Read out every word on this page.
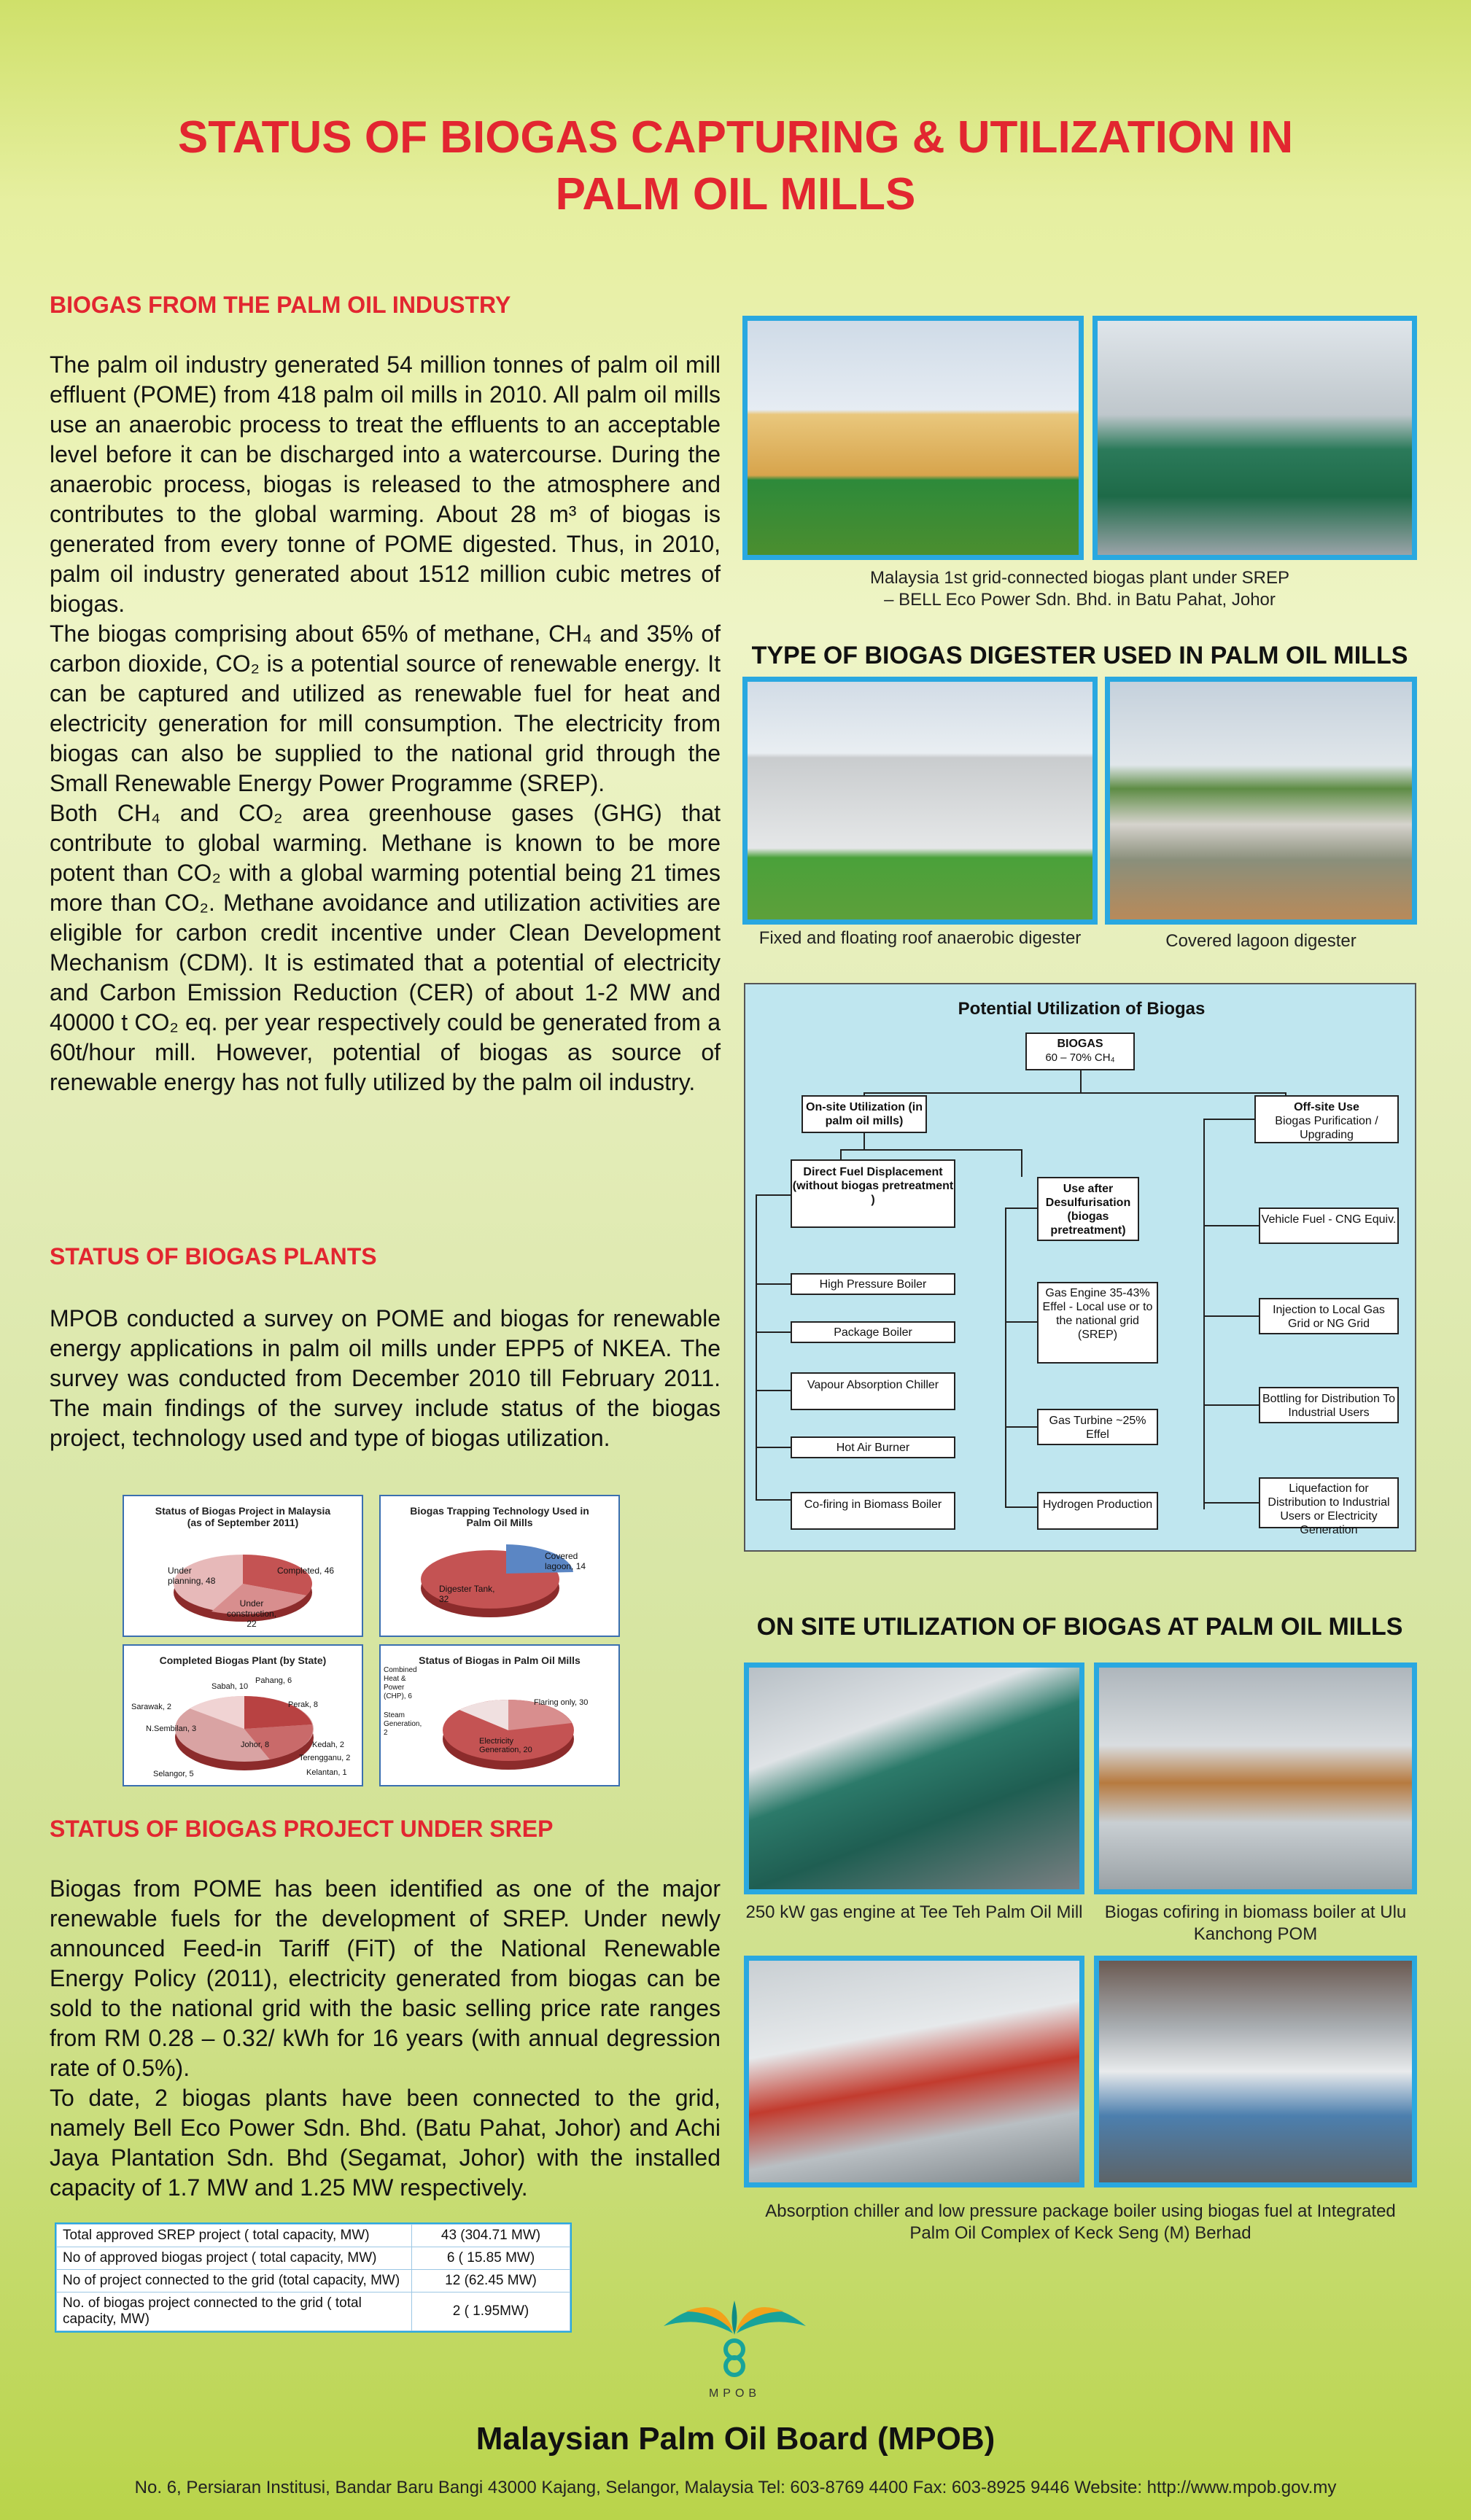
STATUS OF BIOGAS CAPTURING & UTILIZATION IN
PALM OIL MILLS
BIOGAS FROM THE PALM OIL INDUSTRY

The palm oil industry generated 54 million tonnes of palm oil mill effluent (POME) from 418 palm oil mills in 2010. All palm oil mills use an anaerobic process to treat the effluents to an acceptable level before it can be discharged into a watercourse. During the anaerobic process, biogas is released to the atmosphere and contributes to the global warming. About 28 m³ of biogas is generated from every tonne of POME digested. Thus, in 2010, palm oil industry generated about 1512 million cubic metres of biogas.

The biogas comprising about 65% of methane, CH₄ and 35% of carbon dioxide, CO₂ is a potential source of renewable energy. It can be captured and utilized as renewable fuel for heat and electricity generation for mill consumption. The electricity from biogas can also be supplied to the national grid through the Small Renewable Energy Power Programme (SREP).

Both CH₄ and CO₂ area greenhouse gases (GHG) that contribute to global warming. Methane is known to be more potent than CO₂ with a global warming potential being 21 times more than CO₂. Methane avoidance and utilization activities are eligible for carbon credit incentive under Clean Development Mechanism (CDM). It is estimated that a potential of electricity and Carbon Emission Reduction (CER) of about 1-2 MW and 40000 t CO₂ eq. per year respectively could be generated from a 60t/hour mill. However, potential of biogas as source of renewable energy has not fully utilized by the palm oil industry.

STATUS OF BIOGAS PLANTS

MPOB conducted a survey on POME and biogas for renewable energy applications in palm oil mills under EPP5 of NKEA. The survey was conducted from December 2010 till February 2011. The main findings of the survey include status of the biogas project, technology used and type of biogas utilization.

Status of Biogas Project in Malaysia
(as of September 2011)
Under planning, 48
Completed, 46
Under construction, 22
Biogas Trapping Technology Used in
Palm Oil Mills
Covered lagoon, 14
Digester Tank, 32
Completed Biogas Plant (by State)
Sabah, 10
Pahang, 6
Perak, 8
Sarawak, 2
N.Sembilan, 3
Johor, 8	Kedah, 2
Terengganu, 2
Kelantan, 1
Selangor, 5
Status of Biogas in Palm Oil Mills
Combined Heat & Power (CHP), 6
Steam Generation, 2
Flaring only, 30
Electricity Generation, 20
STATUS OF BIOGAS PROJECT UNDER SREP

Biogas from POME has been identified as one of the major renewable fuels for the development of SREP. Under newly announced Feed-in Tariff (FiT) of the National Renewable Energy Policy (2011), electricity generated from biogas can be sold to the national grid with the basic selling price rate ranges from RM 0.28 – 0.32/ kWh for 16 years (with annual degression rate of 0.5%).

To date, 2 biogas plants have been connected to the grid, namely Bell Eco Power Sdn. Bhd. (Batu Pahat, Johor) and Achi Jaya Plantation Sdn. Bhd (Segamat, Johor) with the installed capacity of 1.7 MW and 1.25 MW respectively.

Total approved SREP project ( total capacity, MW)	43 (304.71 MW)
No of approved biogas project ( total capacity, MW)	6 ( 15.85 MW)
No of project connected to the grid (total capacity, MW)	12 (62.45 MW)
No. of biogas project connected to the grid ( total capacity, MW)	2 ( 1.95MW)
Malaysia 1st grid-connected biogas plant under SREP
– BELL Eco Power Sdn. Bhd. in Batu Pahat, Johor
TYPE OF BIOGAS DIGESTER USED IN PALM OIL MILLS
Fixed and floating roof anaerobic digester	Covered lagoon digester
Potential Utilization of Biogas
BIOGAS
60 – 70% CH₄
On-site Utilization (in palm oil mills)
Off-site Use
Biogas Purification / Upgrading
Direct Fuel Displacement (without biogas pretreatment )
Use after Desulfurisation (biogas pretreatment)
High Pressure Boiler
Package Boiler
Vapour Absorption Chiller
Hot Air Burner
Co-firing in Biomass Boiler
Gas Engine 35-43% Effel - Local use or to the national grid (SREP)
Gas Turbine ~25% Effel
Hydrogen Production
Vehicle Fuel - CNG Equiv.
Injection to Local Gas Grid or NG Grid
Bottling for Distribution To Industrial Users
Liquefaction for Distribution to Industrial Users or Electricity Generation
ON SITE UTILIZATION OF BIOGAS AT PALM OIL MILLS
250 kW gas engine at Tee Teh Palm Oil Mill	Biogas cofiring in biomass boiler at Ulu Kanchong POM
Absorption chiller and low pressure package boiler using biogas fuel at Integrated Palm Oil Complex of Keck Seng (M) Berhad
MPOB
Malaysian Palm Oil Board (MPOB)
No. 6, Persiaran Institusi, Bandar Baru Bangi 43000 Kajang, Selangor, Malaysia Tel: 603-8769 4400 Fax: 603-8925 9446 Website: http://www.mpob.gov.my
